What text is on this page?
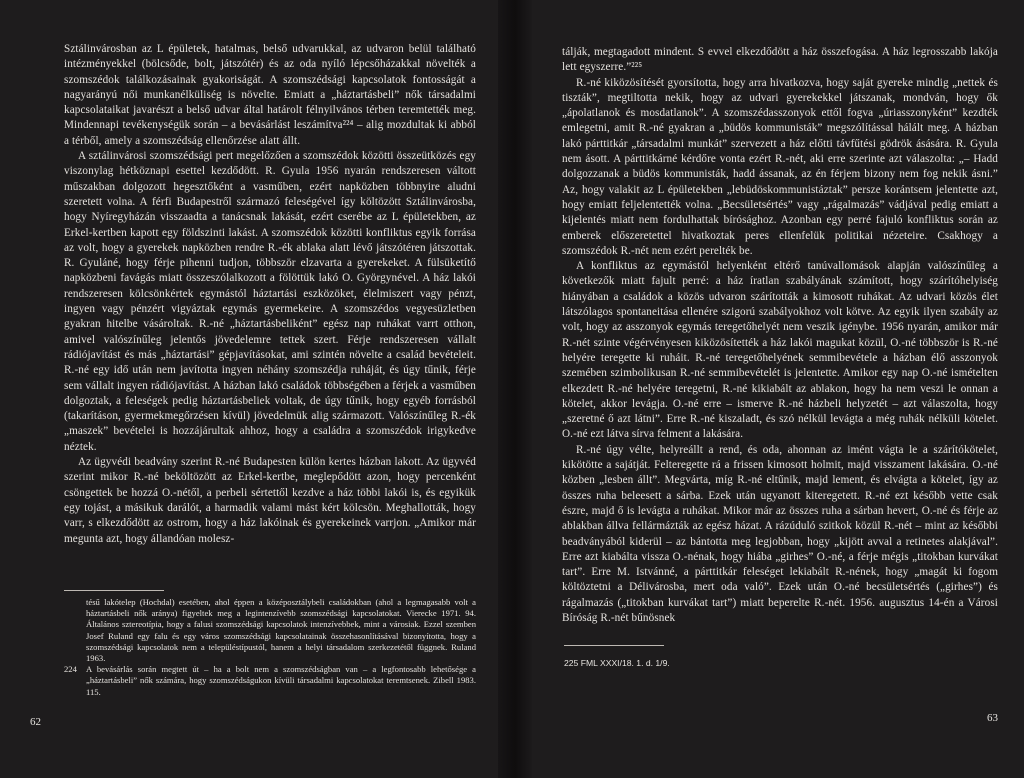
Sztálinvárosban az L épületek, hatalmas, belső udvarukkal, az udvaron belül található intézményekkel (bölcsőde, bolt, játszótér) és az oda nyíló lépcsőházakkal növelték a szomszédok találkozásainak gyakoriságát. A szomszédsági kapcsolatok fontosságát a nagyarányú női munkanélküliség is növelte. Emiatt a „háztartásbeli” nők társadalmi kapcsolataikat javarészt a belső udvar által határolt félnyilvános térben teremtették meg. Mindennapi tevékenységük során – a bevásárlást leszámítva²²⁴ – alig mozdultak ki abból a térből, amely a szomszédság ellenőrzése alatt állt.

A sztálinvárosi szomszédsági pert megelőzően a szomszédok közötti összeütközés egy viszonylag hétköznapi esettel kezdődött. R. Gyula 1956 nyarán rendszeresen váltott műszakban dolgozott hegesztőként a vasműben, ezért napközben többnyire aludni szeretett volna. A férfi Budapestről származó feleségével így költözött Sztálinvárosba, hogy Nyíregyházán visszaadta a tanácsnak lakását, ezért cserébe az L épületekben, az Erkel-kertben kapott egy földszinti lakást. A szomszédok közötti konfliktus egyik forrása az volt, hogy a gyerekek napközben rendre R.-ék ablaka alatt lévő játszótéren játszottak. R. Gyuláné, hogy férje pihenni tudjon, többször elzavarta a gyerekeket. A fülsüketítő napközbeni favágás miatt összeszólalkozott a fölöttük lakó O. Györgynével. A ház lakói rendszeresen kölcsönkértek egymástól háztartási eszközöket, élelmiszert vagy pénzt, ingyen vagy pénzért vigyáztak egymás gyermekeire. A szomszédos vegyesüzletben gyakran hitelbe vásároltak. R.-né „háztartásbeliként” egész nap ruhákat varrt otthon, amivel valószínűleg jelentős jövedelemre tettek szert. Férje rendszeresen vállalt rádiójavítást és más „háztartási” gépjavításokat, ami szintén növelte a család bevételeit. R.-né egy idő után nem javította ingyen néhány szomszédja ruháját, és úgy tűnik, férje sem vállalt ingyen rádiójavítást. A házban lakó családok többségében a férjek a vasműben dolgoztak, a feleségek pedig háztartásbeliek voltak, de úgy tűnik, hogy egyéb forrásból (takarításon, gyermekmegőrzésen kívül) jövedelmük alig származott. Valószínűleg R.-ék „maszek” bevételei is hozzájárultak ahhoz, hogy a családra a szomszédok irigykedve néztek.

Az ügyvédi beadvány szerint R.-né Budapesten külön kertes házban lakott. Az ügyvéd szerint mikor R.-né beköltözött az Erkel-kertbe, meglepődött azon, hogy percenként csöngettek be hozzá O.-nétől, a perbeli sértettől kezdve a ház többi lakói is, és egyikük egy tojást, a másikuk darálót, a harmadik valami mást kért kölcsön. Meghallották, hogy varr, s elkezdődött az ostrom, hogy a ház lakóinak és gyerekeinek varrjon. „Amikor már megunta azt, hogy állandóan molesz-

tésű lakótelep (Hochdal) esetében, ahol éppen a középosztálybeli családokban (ahol a legmagasabb volt a háztartásbeli nők aránya) figyeltek meg a legintenzívebb szomszédsági kapcsolatokat. Vierecke 1971. 94. Általános sztereotípia, hogy a falusi szomszédsági kapcsolatok intenzívebbek, mint a városiak. Ezzel szemben Josef Ruland egy falu és egy város szomszédsági kapcsolatainak összehasonlításával bizonyította, hogy a szomszédsági kapcsolatok nem a településtípustól, hanem a helyi társadalom szerkezetétől függnek. Ruland 1963.

224 A bevásárlás során megtett út – ha a bolt nem a szomszédságban van – a legfontosabb lehetősége a „háztartásbeli” nők számára, hogy szomszédságukon kívüli társadalmi kapcsolatokat teremtsenek. Zibell 1983. 115.

62

tálják, megtagadott mindent. S evvel elkezdődött a ház összefogása. A ház legrosszabb lakója lett egyszerre.”²²⁵

R.-né kiközösítését gyorsította, hogy arra hivatkozva, hogy saját gyereke mindig „nettek és tiszták”, megtiltotta nekik, hogy az udvari gyerekekkel játszanak, mondván, hogy ők „ápolatlanok és mosdatlanok”. A szomszédasszonyok ettől fogva „úriasszonyként” kezdték emlegetni, amit R.-né gyakran a „büdös kommunisták” megszólítással hálált meg. A házban lakó párttitkár „társadalmi munkát” szervezett a ház előtti távfűtési gödrök ásására. R. Gyula nem ásott. A párttitkárné kérdőre vonta ezért R.-nét, aki erre szerinte azt válaszolta: „– Hadd dolgozzanak a büdös kommunisták, hadd ássanak, az én férjem bizony nem fog nekik ásni.” Az, hogy valakit az L épületekben „lebüdöskommunistáztak” persze korántsem jelentette azt, hogy emiatt feljelentették volna. „Becsületsértés” vagy „rágalmazás” vádjával pedig emiatt a kijelentés miatt nem fordulhattak bírósághoz. Azonban egy perré fajuló konfliktus során az emberek előszeretettel hivatkoztak peres ellenfelük politikai nézeteire. Csakhogy a szomszédok R.-nét nem ezért perelték be.

A konfliktus az egymástól helyenként eltérő tanúvallomások alapján valószínűleg a következők miatt fajult perré: a ház íratlan szabályának számított, hogy szárítóhelyiség hiányában a családok a közös udvaron szárították a kimosott ruhákat. Az udvari közös élet látszólagos spontaneitása ellenére szigorú szabályokhoz volt kötve. Az egyik ilyen szabály az volt, hogy az asszonyok egymás teregetőhelyét nem veszik igénybe. 1956 nyarán, amikor már R.-nét szinte végérvényesen kiközösítették a ház lakói magukat közül, O.-né többször is R.-né helyére teregette ki ruháit. R.-né teregetőhelyének semmibevétele a házban élő asszonyok szemében szimbolikusan R.-né semmibevételét is jelentette. Amikor egy nap O.-né ismételten elkezdett R.-né helyére teregetni, R.-né kikiabált az ablakon, hogy ha nem veszi le onnan a kötelet, akkor levágja. O.-né erre – ismerve R.-né házbeli helyzetét – azt válaszolta, hogy „szeretné ő azt látni”. Erre R.-né kiszaladt, és szó nélkül levágta a még ruhák nélküli kötelet. O.-né ezt látva sírva felment a lakására.

R.-né úgy vélte, helyreállt a rend, és oda, ahonnan az imént vágta le a szárítókötelet, kikötötte a sajátját. Felteregette rá a frissen kimosott holmit, majd visszament lakására. O.-né közben „lesben állt”. Megvárta, míg R.-né eltűnik, majd lement, és elvágta a kötelet, így az összes ruha beleesett a sárba. Ezek után ugyanott kiteregetett. R.-né ezt később vette csak észre, majd ő is levágta a ruhákat. Mikor már az összes ruha a sárban hevert, O.-né és férje az ablakban állva fellármázták az egész házat. A rázúduló szitkok közül R.-nét – mint az későbbi beadványából kiderül – az bántotta meg legjobban, hogy „kijött avval a retinetes alakjával”. Erre azt kiabálta vissza O.-nénak, hogy hiába „girhes” O.-né, a férje mégis „titokban kurvákat tart”. Erre M. Istvánné, a párttitkár feleséget lekiabált R.-nének, hogy „magát ki fogom költöztetni a Délivárosba, mert oda való”. Ezek után O.-né becsületsértés („girhes”) és rágalmazás („titokban kurvákat tart”) miatt beperelte R.-nét. 1956. augusztus 14-én a Városi Bíróság R.-nét bűnösnek

225 FML XXXI/18. 1. d. 1/9.

63
